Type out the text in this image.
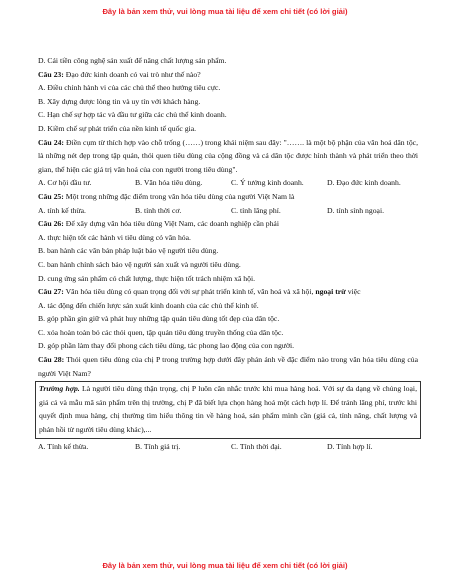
Đây là bản xem thử, vui lòng mua tài liệu để xem chi tiết (có lời giải)
D. Cái tiền công nghệ sản xuất để nâng chất lượng sản phẩm.
Câu 23: Đạo đức kinh doanh có vai trò như thế nào?
A. Điều chỉnh hành vi của các chủ thể theo hướng tiêu cực.
B. Xây dựng được lòng tin và uy tín với khách hàng.
C. Hạn chế sự hợp tác và đầu tư giữa các chủ thể kinh doanh.
D. Kiềm chế sự phát triển của nền kinh tế quốc gia.
Câu 24: Điền cụm từ thích hợp vào chỗ trống (……) trong khái niệm sau đây: "……. là một bộ phận của văn hoá dân tộc, là những nét đẹp trong tập quán, thói quen tiêu dùng của cộng đồng và cá dân tộc được hình thành và phát triển theo thời gian, thể hiện các giá trị văn hoá của con người trong tiêu dùng".
A. Cơ hội đầu tư.	B. Văn hóa tiêu dùng.	C. Ý tưởng kinh doanh.	D. Đạo đức kinh doanh.
Câu 25: Một trong những đặc điểm trong văn hóa tiêu dùng của người Việt Nam là
A. tính kế thừa.	B. tính thời cơ.	C. tính lãng phí.	D. tính sính ngoại.
Câu 26: Để xây dựng văn hóa tiêu dùng Việt Nam, các doanh nghiệp cần phải
A. thực hiện tốt các hành vi tiêu dùng có văn hóa.
B. ban hành các văn bản pháp luật bảo vệ người tiêu dùng.
C. ban hành chính sách bảo vệ người sản xuất và người tiêu dùng.
D. cung ứng sản phẩm có chất lượng, thực hiện tốt trách nhiệm xã hội.
Câu 27: Văn hóa tiêu dùng có quan trọng đối với sự phát triển kinh tế, văn hoá và xã hội, ngoại trừ việc
A. tác động đến chiến lược sản xuất kinh doanh của các chủ thể kinh tế.
B. góp phần gìn giữ và phát huy những tập quán tiêu dùng tốt đẹp của dân tộc.
C. xóa hoàn toàn bỏ các thói quen, tập quán tiêu dùng truyền thống của dân tộc.
D. góp phần làm thay đổi phong cách tiêu dùng, tác phong lao động của con người.
Câu 28: Thói quen tiêu dùng của chị P trong trường hợp dưới đây phản ánh về đặc điểm nào trong văn hóa tiêu dùng của người Việt Nam?
Trường hợp. Là người tiêu dùng thận trọng, chị P luôn cân nhắc trước khi mua hàng hoá. Với sự đa dạng về chủng loại, giá cả và mẫu mã sản phẩm trên thị trường, chị P đã biết lựa chọn hàng hoá một cách hợp lí. Để tránh lãng phí, trước khi quyết định mua hàng, chị thường tìm hiểu thông tin về hàng hoá, sản phẩm mình cần (giá cả, tính năng, chất lượng và phản hồi từ người tiêu dùng khác),...
A. Tính kế thừa.	B. Tính giá trị.	C. Tính thời đại.	D. Tính hợp lí.
Đây là bản xem thử, vui lòng mua tài liệu để xem chi tiết (có lời giải)
